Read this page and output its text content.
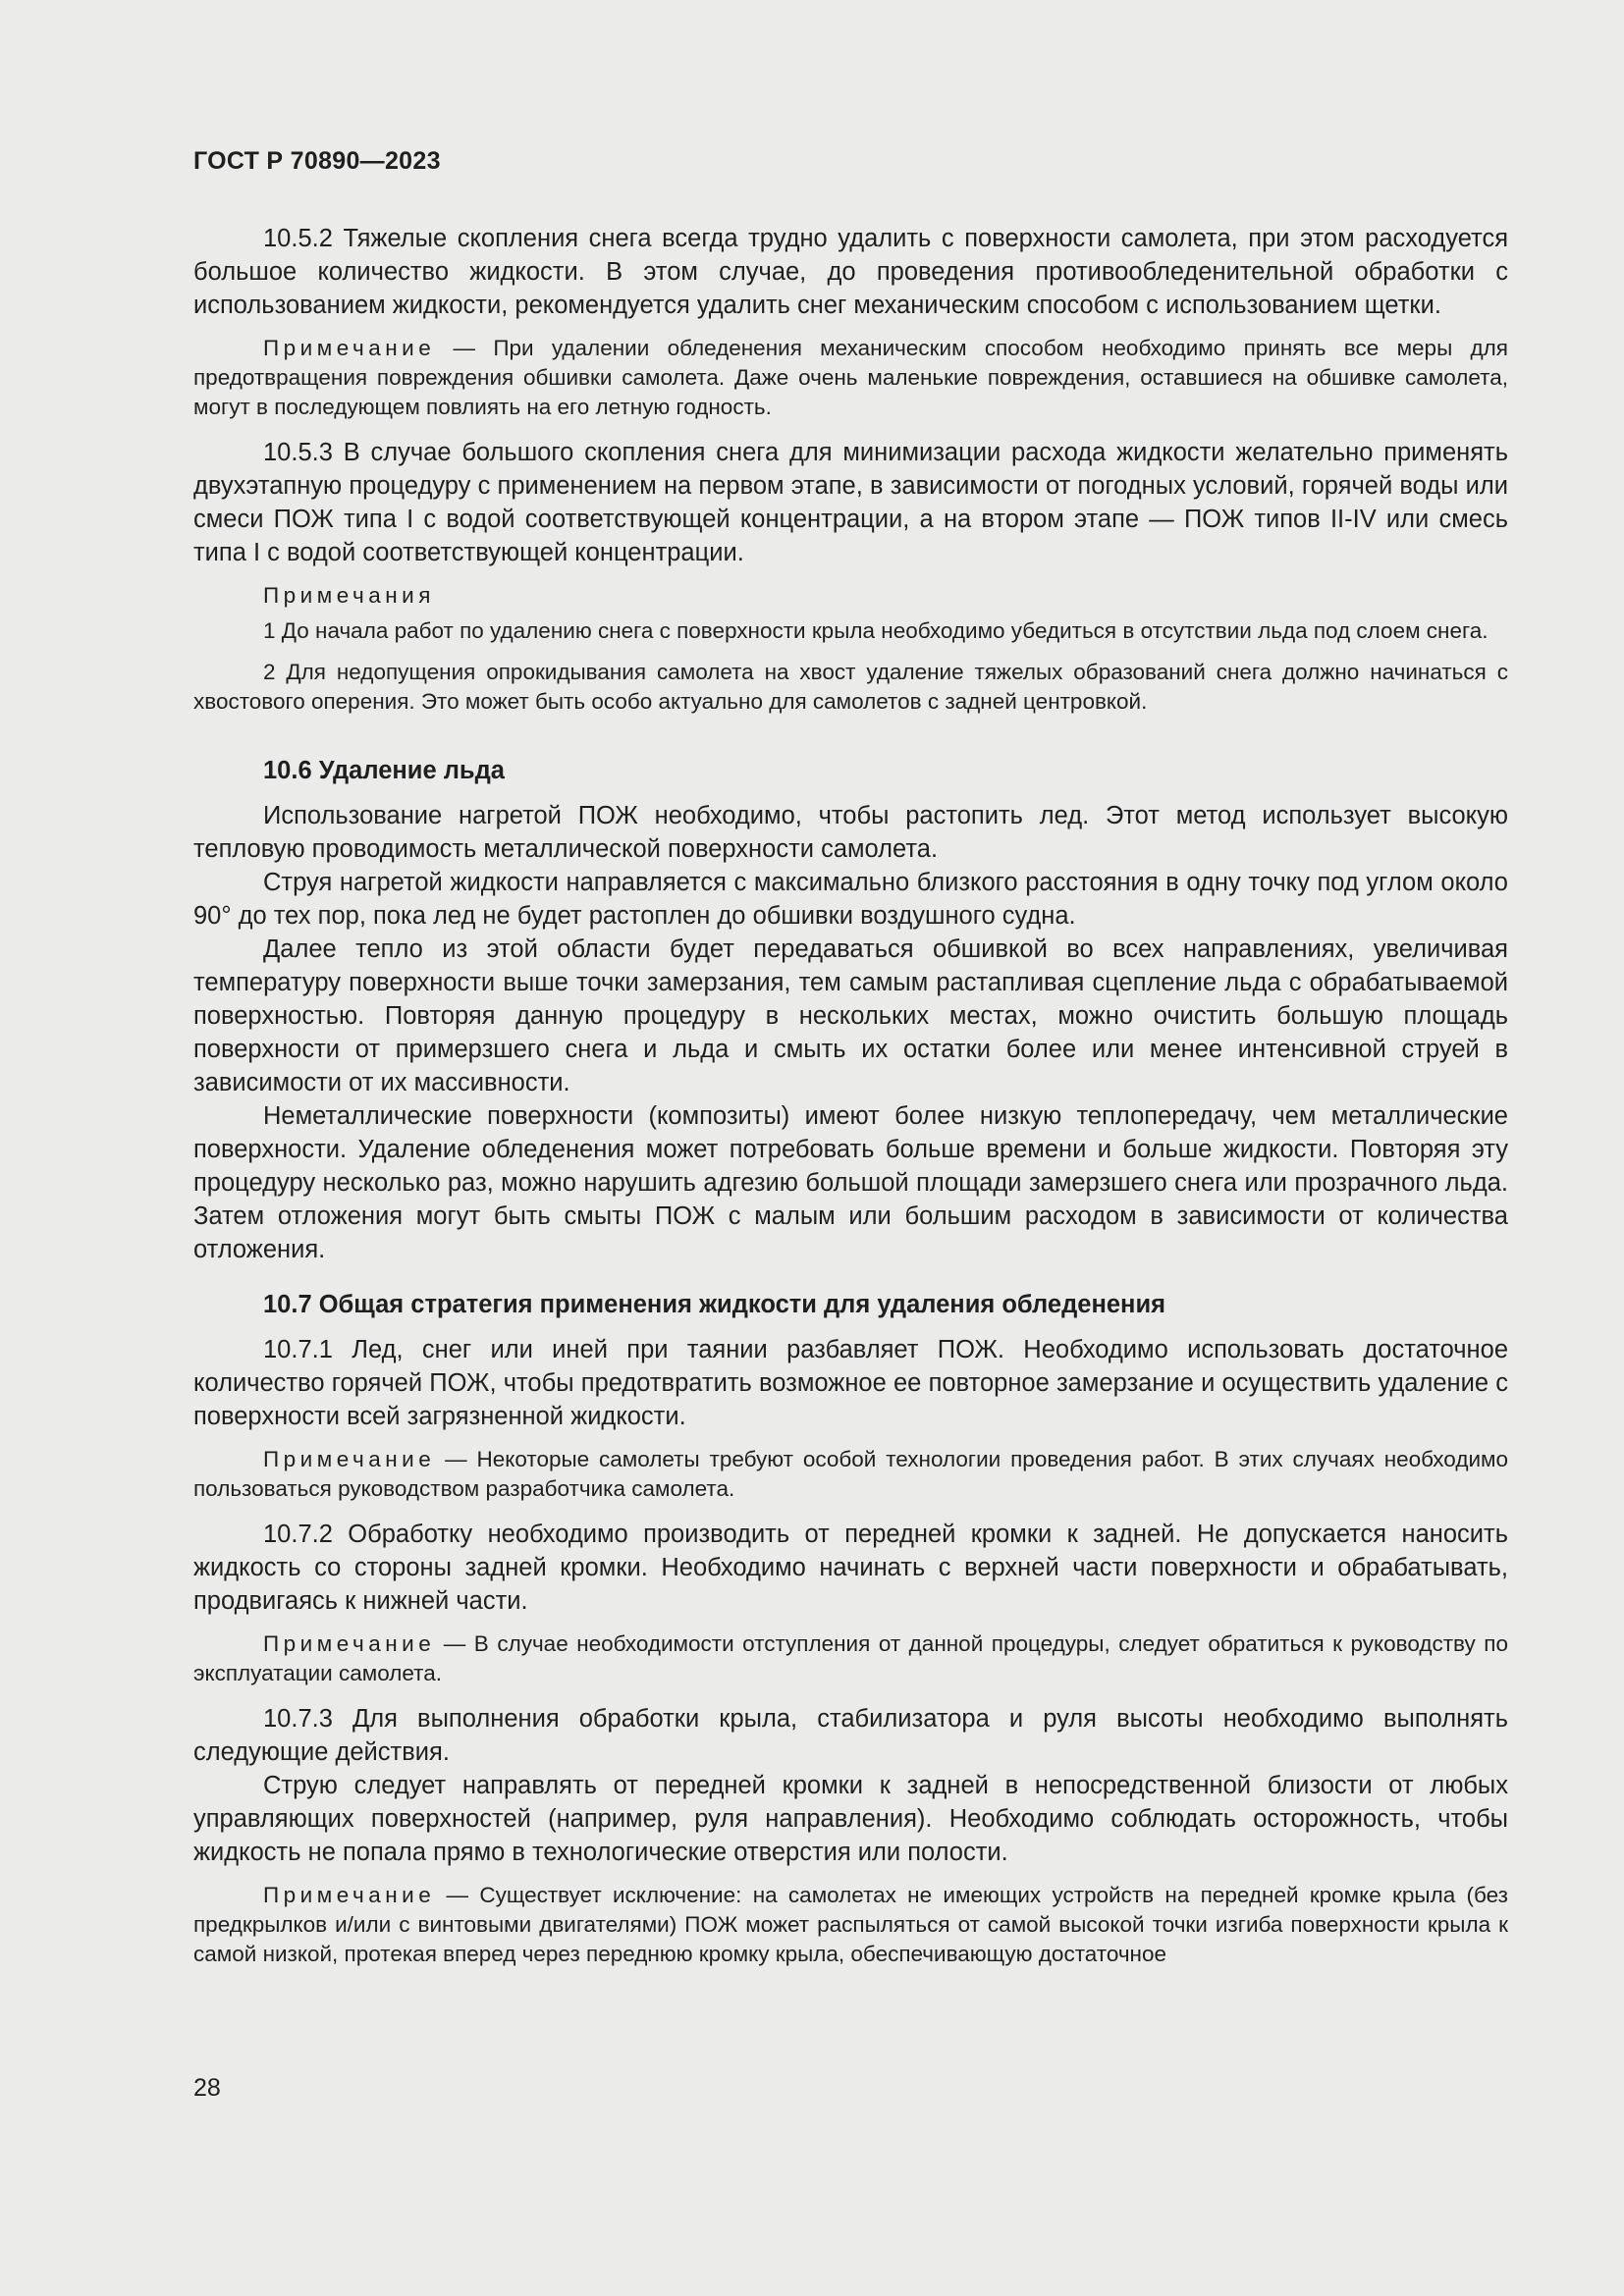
ГОСТ Р 70890—2023

10.5.2 Тяжелые скопления снега всегда трудно удалить с поверхности самолета, при этом расходуется большое количество жидкости. В этом случае, до проведения противообледенительной обработки с использованием жидкости, рекомендуется удалить снег механическим способом с использованием щетки.

Примечание — При удалении обледенения механическим способом необходимо принять все меры для предотвращения повреждения обшивки самолета. Даже очень маленькие повреждения, оставшиеся на обшивке самолета, могут в последующем повлиять на его летную годность.

10.5.3 В случае большого скопления снега для минимизации расхода жидкости желательно применять двухэтапную процедуру с применением на первом этапе, в зависимости от погодных условий, горячей воды или смеси ПОЖ типа I с водой соответствующей концентрации, а на втором этапе — ПОЖ типов II-IV или смесь типа I с водой соответствующей концентрации.

Примечания

1 До начала работ по удалению снега с поверхности крыла необходимо убедиться в отсутствии льда под слоем снега.

2 Для недопущения опрокидывания самолета на хвост удаление тяжелых образований снега должно начинаться с хвостового оперения. Это может быть особо актуально для самолетов с задней центровкой.

10.6 Удаление льда

Использование нагретой ПОЖ необходимо, чтобы растопить лед. Этот метод использует высокую тепловую проводимость металлической поверхности самолета.

Струя нагретой жидкости направляется с максимально близкого расстояния в одну точку под углом около 90° до тех пор, пока лед не будет растоплен до обшивки воздушного судна.

Далее тепло из этой области будет передаваться обшивкой во всех направлениях, увеличивая температуру поверхности выше точки замерзания, тем самым растапливая сцепление льда с обрабатываемой поверхностью. Повторяя данную процедуру в нескольких местах, можно очистить большую площадь поверхности от примерзшего снега и льда и смыть их остатки более или менее интенсивной струей в зависимости от их массивности.

Неметаллические поверхности (композиты) имеют более низкую теплопередачу, чем металлические поверхности. Удаление обледенения может потребовать больше времени и больше жидкости. Повторяя эту процедуру несколько раз, можно нарушить адгезию большой площади замерзшего снега или прозрачного льда. Затем отложения могут быть смыты ПОЖ с малым или большим расходом в зависимости от количества отложения.

10.7 Общая стратегия применения жидкости для удаления обледенения

10.7.1 Лед, снег или иней при таянии разбавляет ПОЖ. Необходимо использовать достаточное количество горячей ПОЖ, чтобы предотвратить возможное ее повторное замерзание и осуществить удаление с поверхности всей загрязненной жидкости.

Примечание — Некоторые самолеты требуют особой технологии проведения работ. В этих случаях необходимо пользоваться руководством разработчика самолета.

10.7.2 Обработку необходимо производить от передней кромки к задней. Не допускается наносить жидкость со стороны задней кромки. Необходимо начинать с верхней части поверхности и обрабатывать, продвигаясь к нижней части.

Примечание — В случае необходимости отступления от данной процедуры, следует обратиться к руководству по эксплуатации самолета.

10.7.3 Для выполнения обработки крыла, стабилизатора и руля высоты необходимо выполнять следующие действия.

Струю следует направлять от передней кромки к задней в непосредственной близости от любых управляющих поверхностей (например, руля направления). Необходимо соблюдать осторожность, чтобы жидкость не попала прямо в технологические отверстия или полости.

Примечание — Существует исключение: на самолетах не имеющих устройств на передней кромке крыла (без предкрылков и/или с винтовыми двигателями) ПОЖ может распыляться от самой высокой точки изгиба поверхности крыла к самой низкой, протекая вперед через переднюю кромку крыла, обеспечивающую достаточное

28
